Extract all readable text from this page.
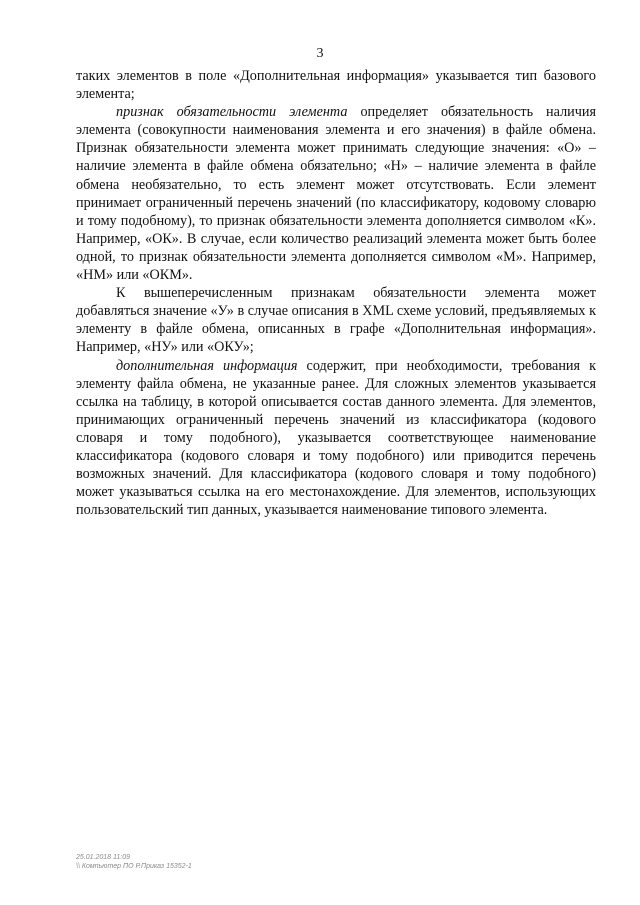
3

таких элементов в поле «Дополнительная информация» указывается тип базового элемента;

признак обязательности элемента определяет обязательность наличия элемента (совокупности наименования элемента и его значения) в файле обмена. Признак обязательности элемента может принимать следующие значения: «О» – наличие элемента в файле обмена обязательно; «Н» – наличие элемента в файле обмена необязательно, то есть элемент может отсутствовать. Если элемент принимает ограниченный перечень значений (по классификатору, кодовому словарю и тому подобному), то признак обязательности элемента дополняется символом «К». Например, «ОК». В случае, если количество реализаций элемента может быть более одной, то признак обязательности элемента дополняется символом «М». Например, «НМ» или «ОКМ».

К вышеперечисленным признакам обязательности элемента может добавляться значение «У» в случае описания в XML схеме условий, предъявляемых к элементу в файле обмена, описанных в графе «Дополнительная информация». Например, «НУ» или «ОКУ»;

дополнительная информация содержит, при необходимости, требования к элементу файла обмена, не указанные ранее. Для сложных элементов указывается ссылка на таблицу, в которой описывается состав данного элемента. Для элементов, принимающих ограниченный перечень значений из классификатора (кодового словаря и тому подобного), указывается соответствующее наименование классификатора (кодового словаря и тому подобного) или приводится перечень возможных значений. Для классификатора (кодового словаря и тому подобного) может указываться ссылка на его местонахождение. Для элементов, использующих пользовательский тип данных, указывается наименование типового элемента.

25.01.2018 11:09
\\ Компьютер ПО Р.Приказ 15352-1
